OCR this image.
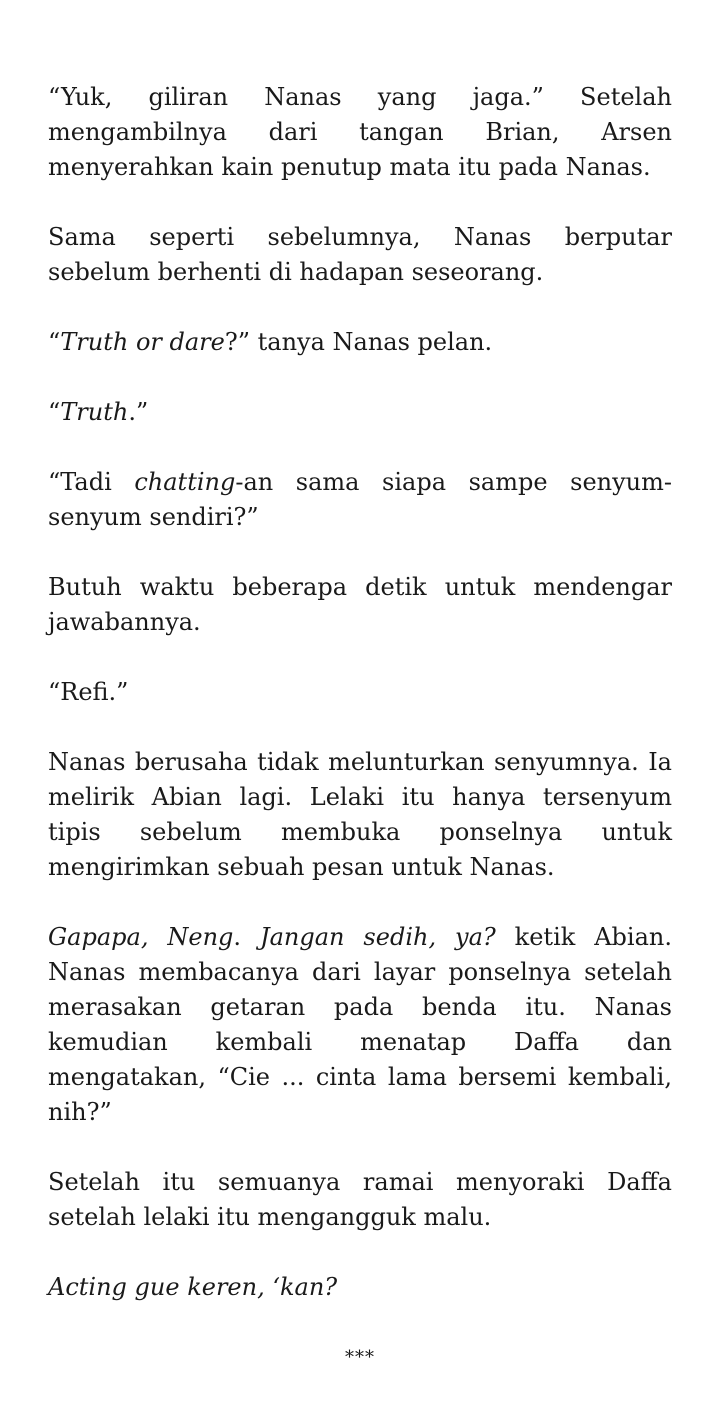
“Yuk, giliran Nanas yang jaga.” Setelah mengambilnya dari tangan Brian, Arsen menyerahkan kain penutup mata itu pada Nanas.

Sama seperti sebelumnya, Nanas berputar sebelum berhenti di hadapan seseorang.

“Truth or dare?” tanya Nanas pelan.

“Truth.”

“Tadi chatting-an sama siapa sampe senyum-senyum sendiri?”

Butuh waktu beberapa detik untuk mendengar jawabannya.

“Refi.”

Nanas berusaha tidak melunturkan senyumnya. Ia melirik Abian lagi. Lelaki itu hanya tersenyum tipis sebelum membuka ponselnya untuk mengirimkan sebuah pesan untuk Nanas.

Gapapa, Neng. Jangan sedih, ya? ketik Abian. Nanas membacanya dari layar ponselnya setelah merasakan getaran pada benda itu. Nanas kemudian kembali menatap Daffa dan mengatakan, “Cie ... cinta lama bersemi kembali, nih?”

Setelah itu semuanya ramai menyoraki Daffa setelah lelaki itu mengangguk malu.

Acting gue keren, ‘kan?

***
